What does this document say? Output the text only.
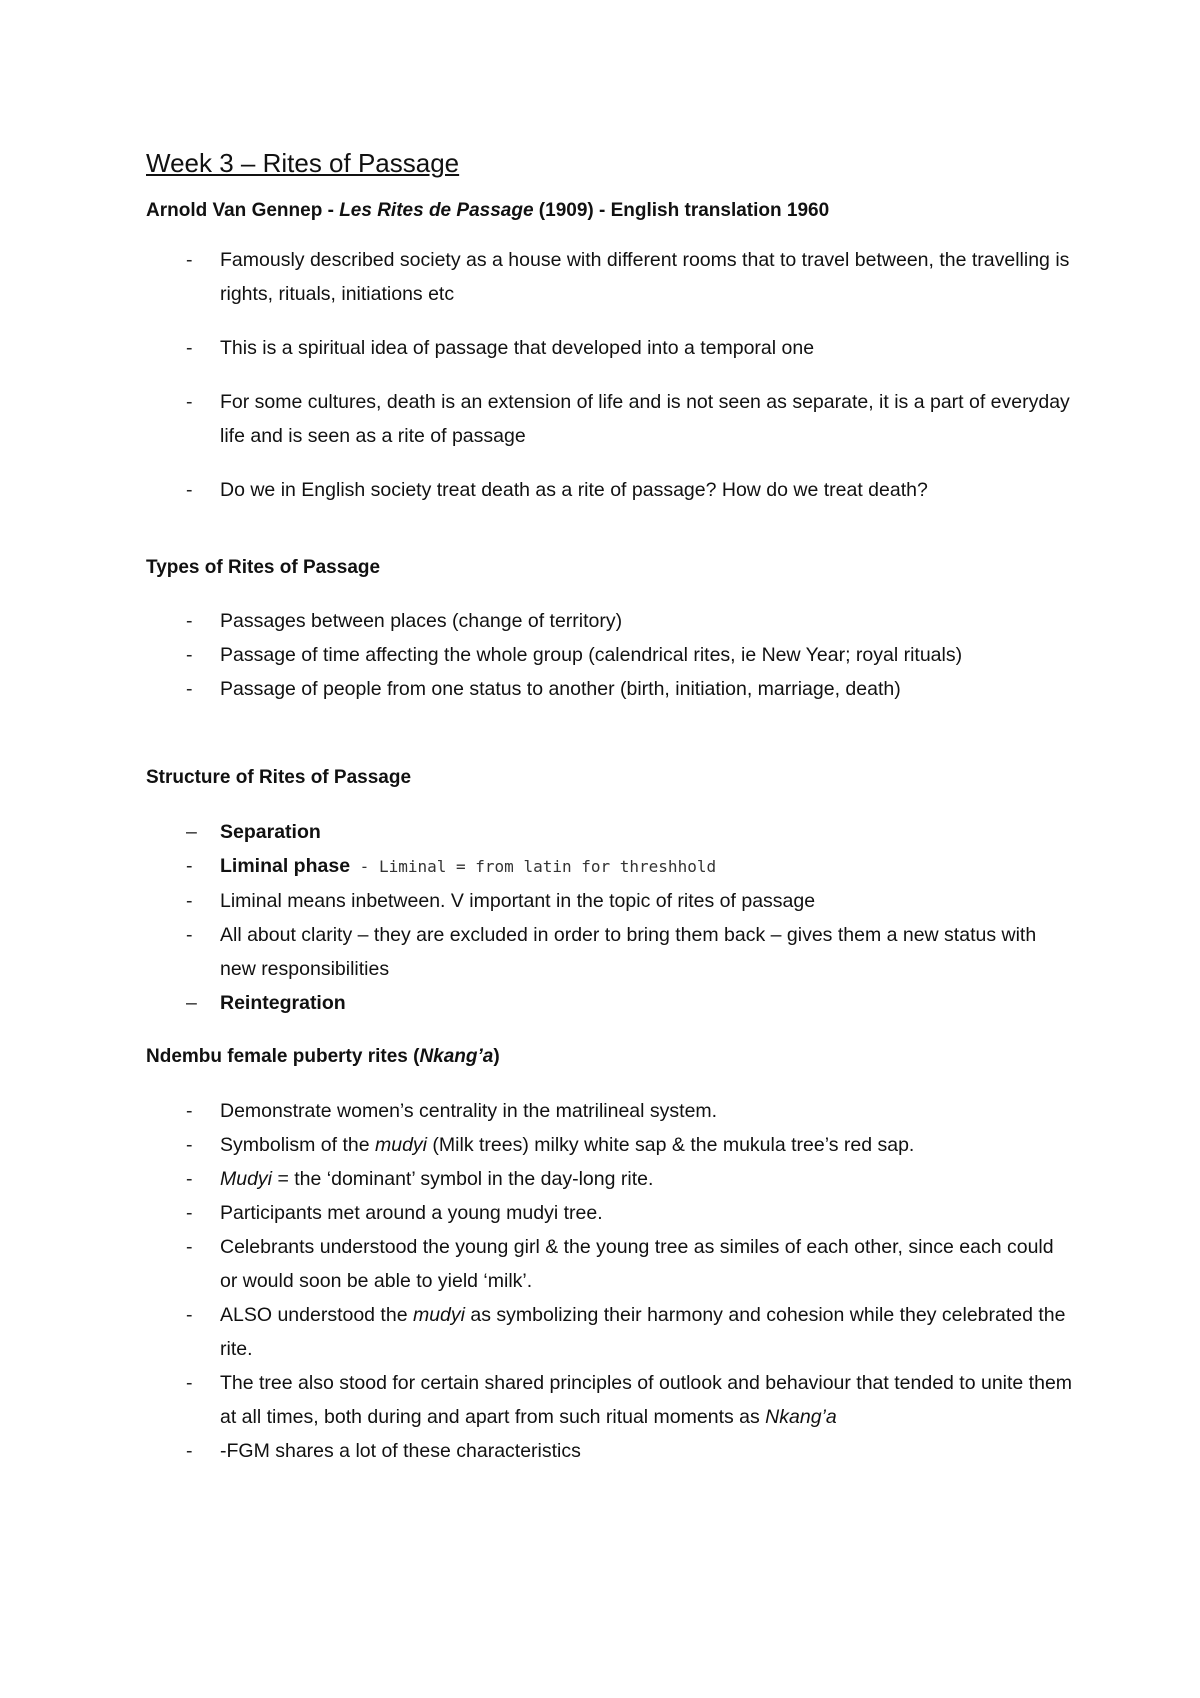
Week 3 – Rites of Passage

Arnold Van Gennep - Les Rites de Passage (1909) - English translation 1960

- Famously described society as a house with different rooms that to travel between, the travelling is rights, rituals, initiations etc
- This is a spiritual idea of passage that developed into a temporal one
- For some cultures, death is an extension of life and is not seen as separate, it is a part of everyday life and is seen as a rite of passage
- Do we in English society treat death as a rite of passage? How do we treat death?

Types of Rites of Passage

- Passages between places (change of territory)
- Passage of time affecting the whole group (calendrical rites, ie New Year; royal rituals)
- Passage of people from one status to another (birth, initiation, marriage, death)

Structure of Rites of Passage

– Separation
- Liminal phase - Liminal = from latin for threshhold
- Liminal means inbetween. V important in the topic of rites of passage
- All about clarity – they are excluded in order to bring them back – gives them a new status with new responsibilities
– Reintegration

Ndembu female puberty rites (Nkang’a)

- Demonstrate women’s centrality in the matrilineal system.
- Symbolism of the mudyi (Milk trees) milky white sap & the mukula tree’s red sap.
- Mudyi = the ‘dominant’ symbol in the day-long rite.
- Participants met around a young mudyi tree.
- Celebrants understood the young girl & the young tree as similes of each other, since each could or would soon be able to yield ‘milk’.
- ALSO understood the mudyi as symbolizing their harmony and cohesion while they celebrated the rite.
- The tree also stood for certain shared principles of outlook and behaviour that tended to unite them at all times, both during and apart from such ritual moments as Nkang’a
- -FGM shares a lot of these characteristics
